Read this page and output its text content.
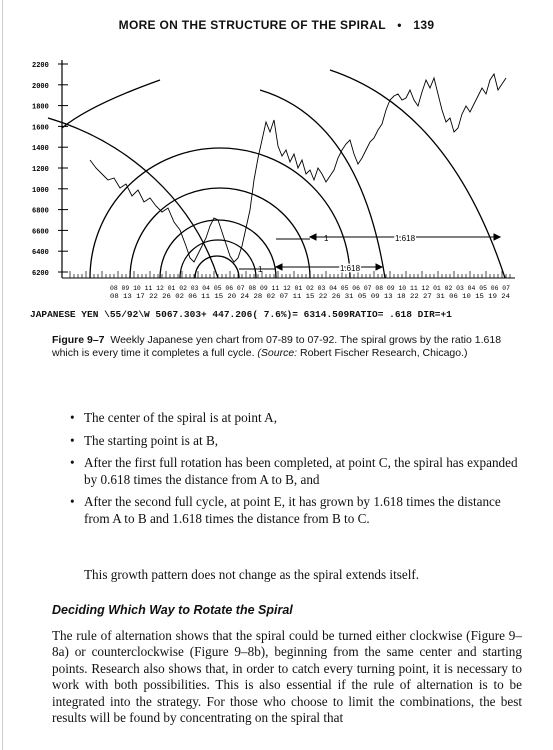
MORE ON THE STRUCTURE OF THE SPIRAL • 139
2200
2000
1800
1600
1400
1200
1000
6800
6600
6400
6200
1.618
1.618
1
1
08 09 10 11 12 01 02 03 04 05 06 07 08 09 11 12 01 02 03 04 05 06 07 08 09 10 11 12 01 02 03 04 05 06 07
08 13 17 22 26 02 06 11 15 20 24 28 02 07 11 15 22 26 31 05 09 13 18 22 27 31 06 10 15 19 24
JAPANESE YEN \55/92\W 5067.303+ 447.206( 7.6%)= 6314.509RATIO= .618 DIR=+1
Figure 9–7 Weekly Japanese yen chart from 07-89 to 07-92. The spiral grows by the ratio 1.618 which is every time it completes a full cycle. (Source: Robert Fischer Research, Chicago.)
• The center of the spiral is at point A,
• The starting point is at B,
• After the first full rotation has been completed, at point C, the spiral has expanded by 0.618 times the distance from A to B, and
• After the second full cycle, at point E, it has grown by 1.618 times the distance from A to B and 1.618 times the distance from B to C.

This growth pattern does not change as the spiral extends itself.

Deciding Which Way to Rotate the Spiral

The rule of alternation shows that the spiral could be turned either clockwise (Figure 9–8a) or counterclockwise (Figure 9–8b), beginning from the same center and starting points. Research also shows that, in order to catch every turning point, it is necessary to work with both possibilities. This is also essential if the rule of alternation is to be integrated into the strategy. For those who choose to limit the combinations, the best results will be found by concentrating on the spiral that
